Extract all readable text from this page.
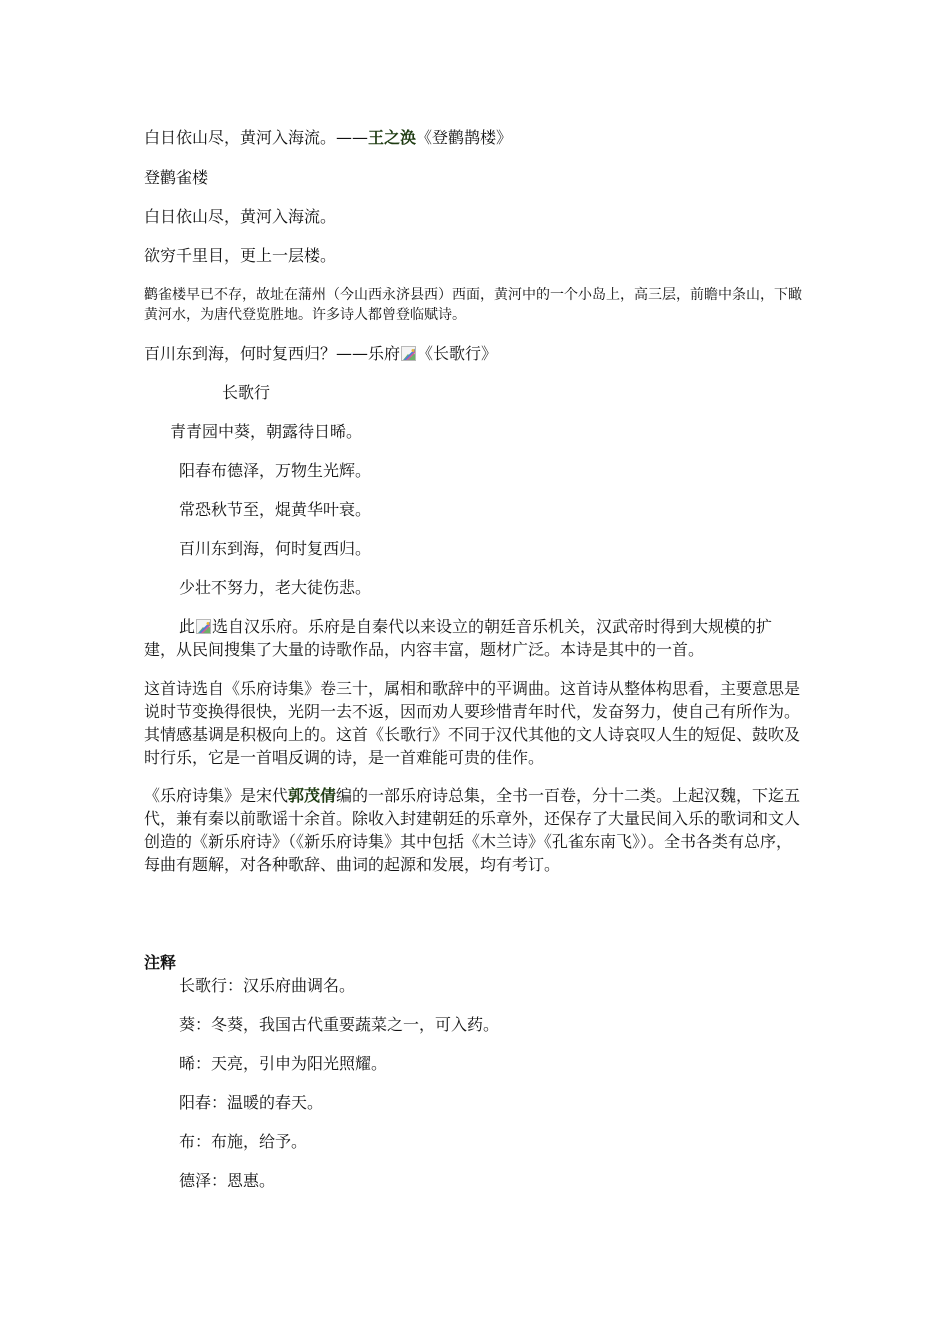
白日依山尽，黄河入海流。——王之涣《登鹳鹊楼》
登鹳雀楼
白日依山尽，黄河入海流。
欲穷千里目，更上一层楼。
鹳雀楼早已不存，故址在蒲州（今山西永济县西）西面，黄河中的一个小岛上，高三层，前瞻中条山，下瞰黄河水，为唐代登览胜地。许多诗人都曾登临赋诗。
百川东到海，何时复西归？——乐府 《长歌行》
长歌行
青青园中葵，朝露待日晞。
阳春布德泽，万物生光辉。
常恐秋节至，焜黄华叶衰。
百川东到海，何时复西归。
少壮不努力，老大徒伤悲。
此 选自汉乐府。乐府是自秦代以来设立的朝廷音乐机关，汉武帝时得到大规模的扩建，从民间搜集了大量的诗歌作品，内容丰富，题材广泛。本诗是其中的一首。
这首诗选自《乐府诗集》卷三十，属相和歌辞中的平调曲。这首诗从整体构思看，主要意思是说时节变换得很快，光阴一去不返，因而劝人要珍惜青年时代，发奋努力，使自己有所作为。其情感基调是积极向上的。这首《长歌行》不同于汉代其他的文人诗哀叹人生的短促、鼓吹及时行乐，它是一首唱反调的诗，是一首难能可贵的佳作。
《乐府诗集》是宋代郭茂倩编的一部乐府诗总集，全书一百卷，分十二类。上起汉魏，下迄五代，兼有秦以前歌谣十余首。除收入封建朝廷的乐章外，还保存了大量民间入乐的歌词和文人创造的《新乐府诗》（《新乐府诗集》其中包括《木兰诗》《孔雀东南飞》）。全书各类有总序，每曲有题解，对各种歌辞、曲词的起源和发展，均有考订。
注释
长歌行：汉乐府曲调名。
葵：冬葵，我国古代重要蔬菜之一，可入药。
晞：天亮，引申为阳光照耀。
阳春：温暖的春天。
布：布施，给予。
德泽：恩惠。
